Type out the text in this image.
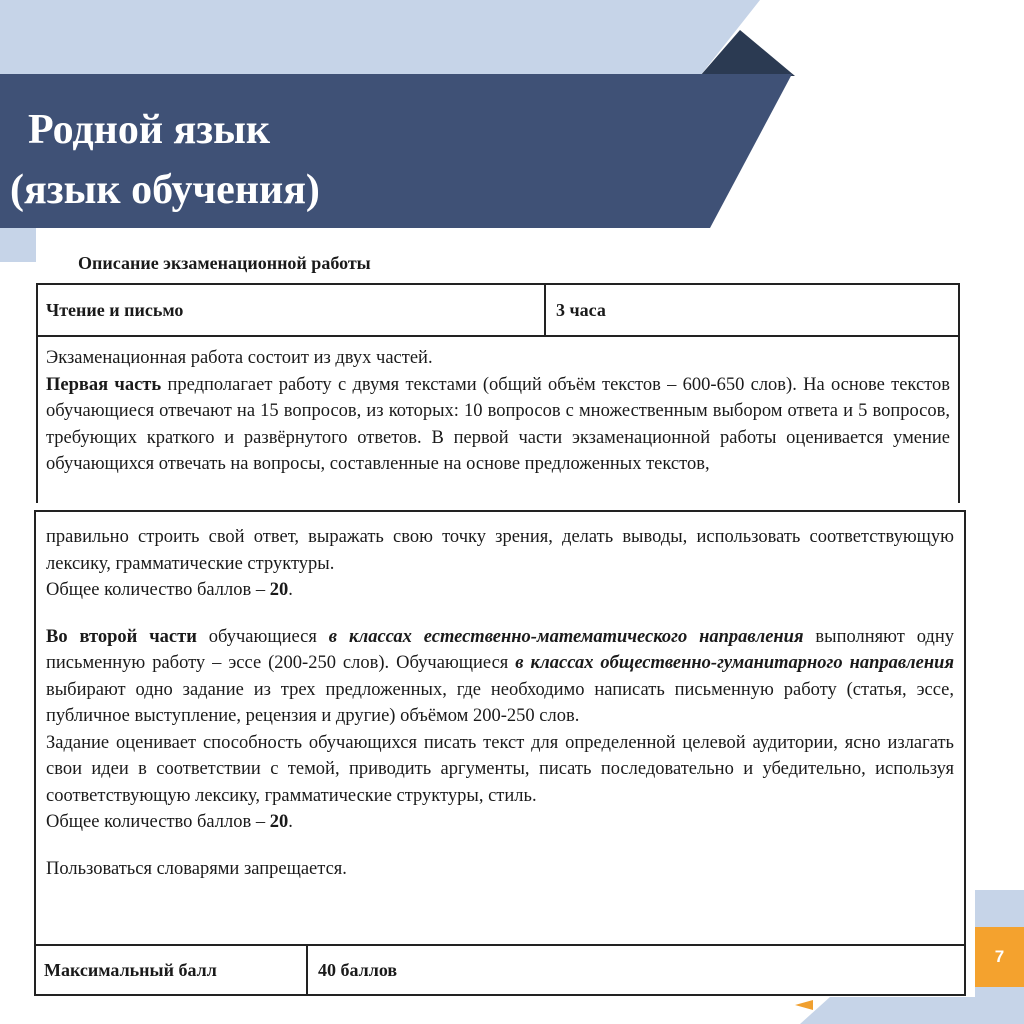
Родной язык
(язык обучения)
Описание экзаменационной работы
Чтение и письмо	3 часа
Экзаменационная работа состоит из двух частей.
Первая часть предполагает работу с двумя текстами (общий объём текстов – 600-650 слов). На основе текстов обучающиеся отвечают на 15 вопросов, из которых: 10 вопросов с множественным выбором ответа и 5 вопросов, требующих краткого и развёрнутого ответов. В первой части экзаменационной работы оценивается умение обучающихся отвечать на вопросы, составленные на основе предложенных текстов,
правильно строить свой ответ, выражать свою точку зрения, делать выводы, использовать соответствующую лексику, грамматические структуры.
Общее количество баллов – 20.
Во второй части обучающиеся в классах естественно-математического направления выполняют одну письменную работу – эссе (200-250 слов). Обучающиеся в классах общественно-гуманитарного направления выбирают одно задание из трех предложенных, где необходимо написать письменную работу (статья, эссе, публичное выступление, рецензия и другие) объёмом 200-250 слов.
Задание оценивает способность обучающихся писать текст для определенной целевой аудитории, ясно излагать свои идеи в соответствии с темой, приводить аргументы, писать последовательно и убедительно, используя соответствующую лексику, грамматические структуры, стиль.
Общее количество баллов – 20.
Пользоваться словарями запрещается.
Максимальный балл	40 баллов
7
